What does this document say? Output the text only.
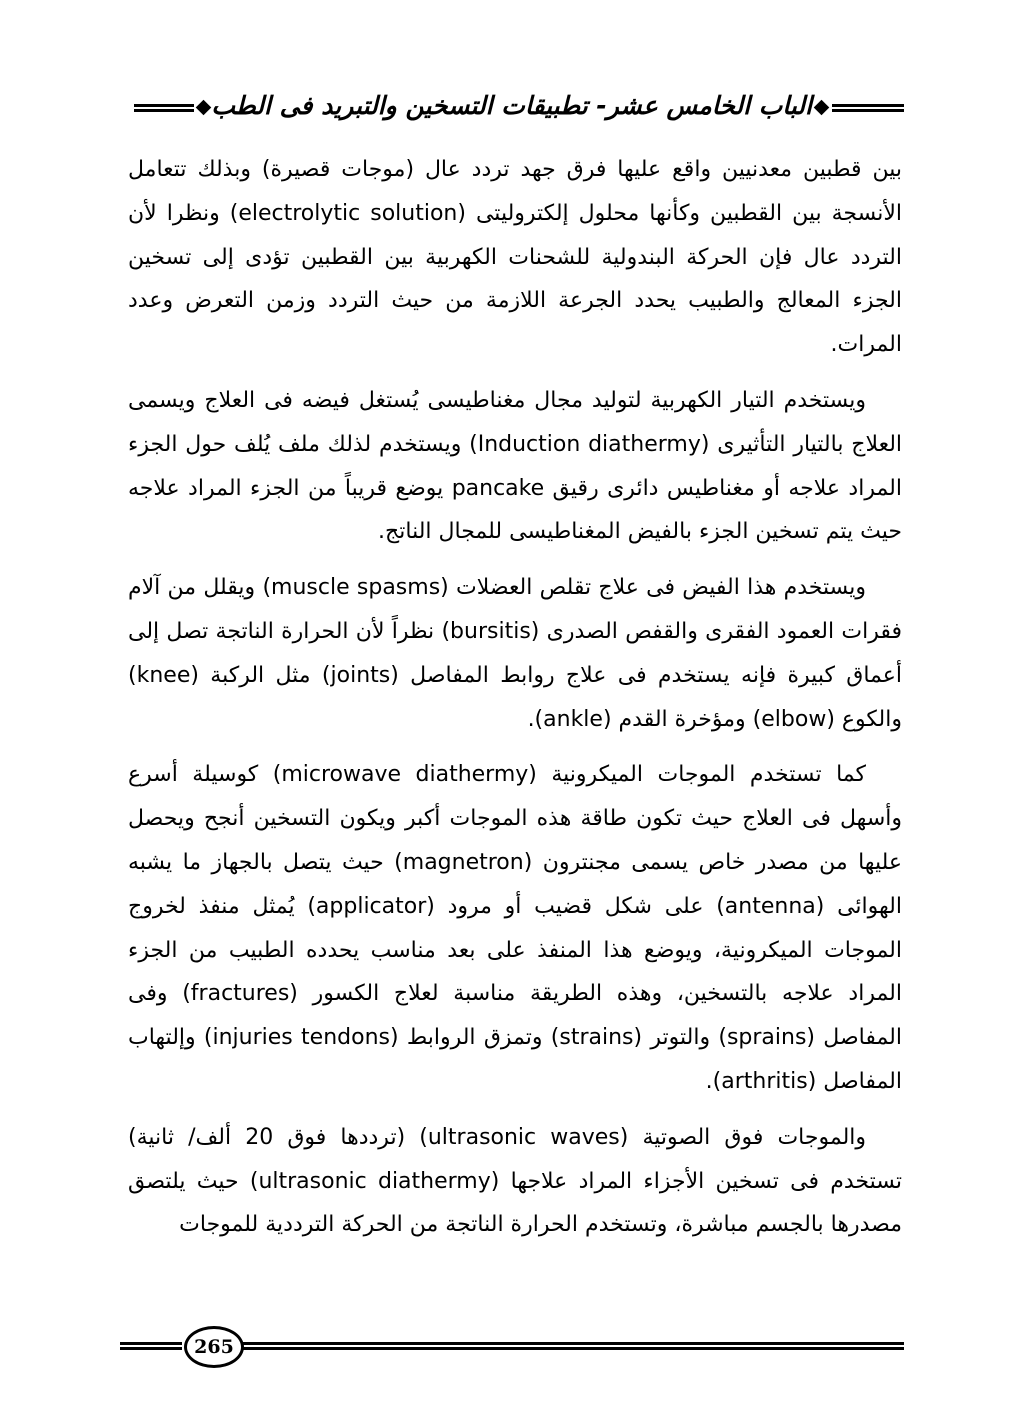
الباب الخامس عشر- تطبيقات التسخين والتبريد فى الطب

بين قطبين معدنيين واقع عليها فرق جهد تردد عال (موجات قصيرة) وبذلك تتعامل الأنسجة بين القطبين وكأنها محلول إلكتروليتى (electrolytic solution) ونظرا لأن التردد عال فإن الحركة البندولية للشحنات الكهربية بين القطبين تؤدى إلى تسخين الجزء المعالج والطبيب يحدد الجرعة اللازمة من حيث التردد وزمن التعرض وعدد المرات.

ويستخدم التيار الكهربية لتوليد مجال مغناطيسى يُستغل فيضه فى العلاج ويسمى العلاج بالتيار التأثيرى (Induction diathermy) ويستخدم لذلك ملف يُلف حول الجزء المراد علاجه أو مغناطيس دائرى رقيق pancake يوضع قريباً من الجزء المراد علاجه حيث يتم تسخين الجزء بالفيض المغناطيسى للمجال الناتج.

ويستخدم هذا الفيض فى علاج تقلص العضلات (muscle spasms) ويقلل من آلام فقرات العمود الفقرى والقفص الصدرى (bursitis) نظراً لأن الحرارة الناتجة تصل إلى أعماق كبيرة فإنه يستخدم فى علاج روابط المفاصل (joints) مثل الركبة (knee) والكوع (elbow) ومؤخرة القدم (ankle).

كما تستخدم الموجات الميكرونية (microwave diathermy) كوسيلة أسرع وأسهل فى العلاج حيث تكون طاقة هذه الموجات أكبر ويكون التسخين أنجح ويحصل عليها من مصدر خاص يسمى مجنترون (magnetron) حيث يتصل بالجهاز ما يشبه الهوائى (antenna) على شكل قضيب أو مرود (applicator) يُمثل منفذ لخروج الموجات الميكرونية، ويوضع هذا المنفذ على بعد مناسب يحدده الطبيب من الجزء المراد علاجه بالتسخين، وهذه الطريقة مناسبة لعلاج الكسور (fractures) وفى المفاصل (sprains) والتوتر (strains) وتمزق الروابط (injuries tendons) وإلتهاب المفاصل (arthritis).

والموجات فوق الصوتية (ultrasonic waves) (ترددها فوق 20 ألف/ ثانية) تستخدم فى تسخين الأجزاء المراد علاجها (ultrasonic diathermy) حيث يلتصق مصدرها بالجسم مباشرة، وتستخدم الحرارة الناتجة من الحركة الترددية للموجات

265
